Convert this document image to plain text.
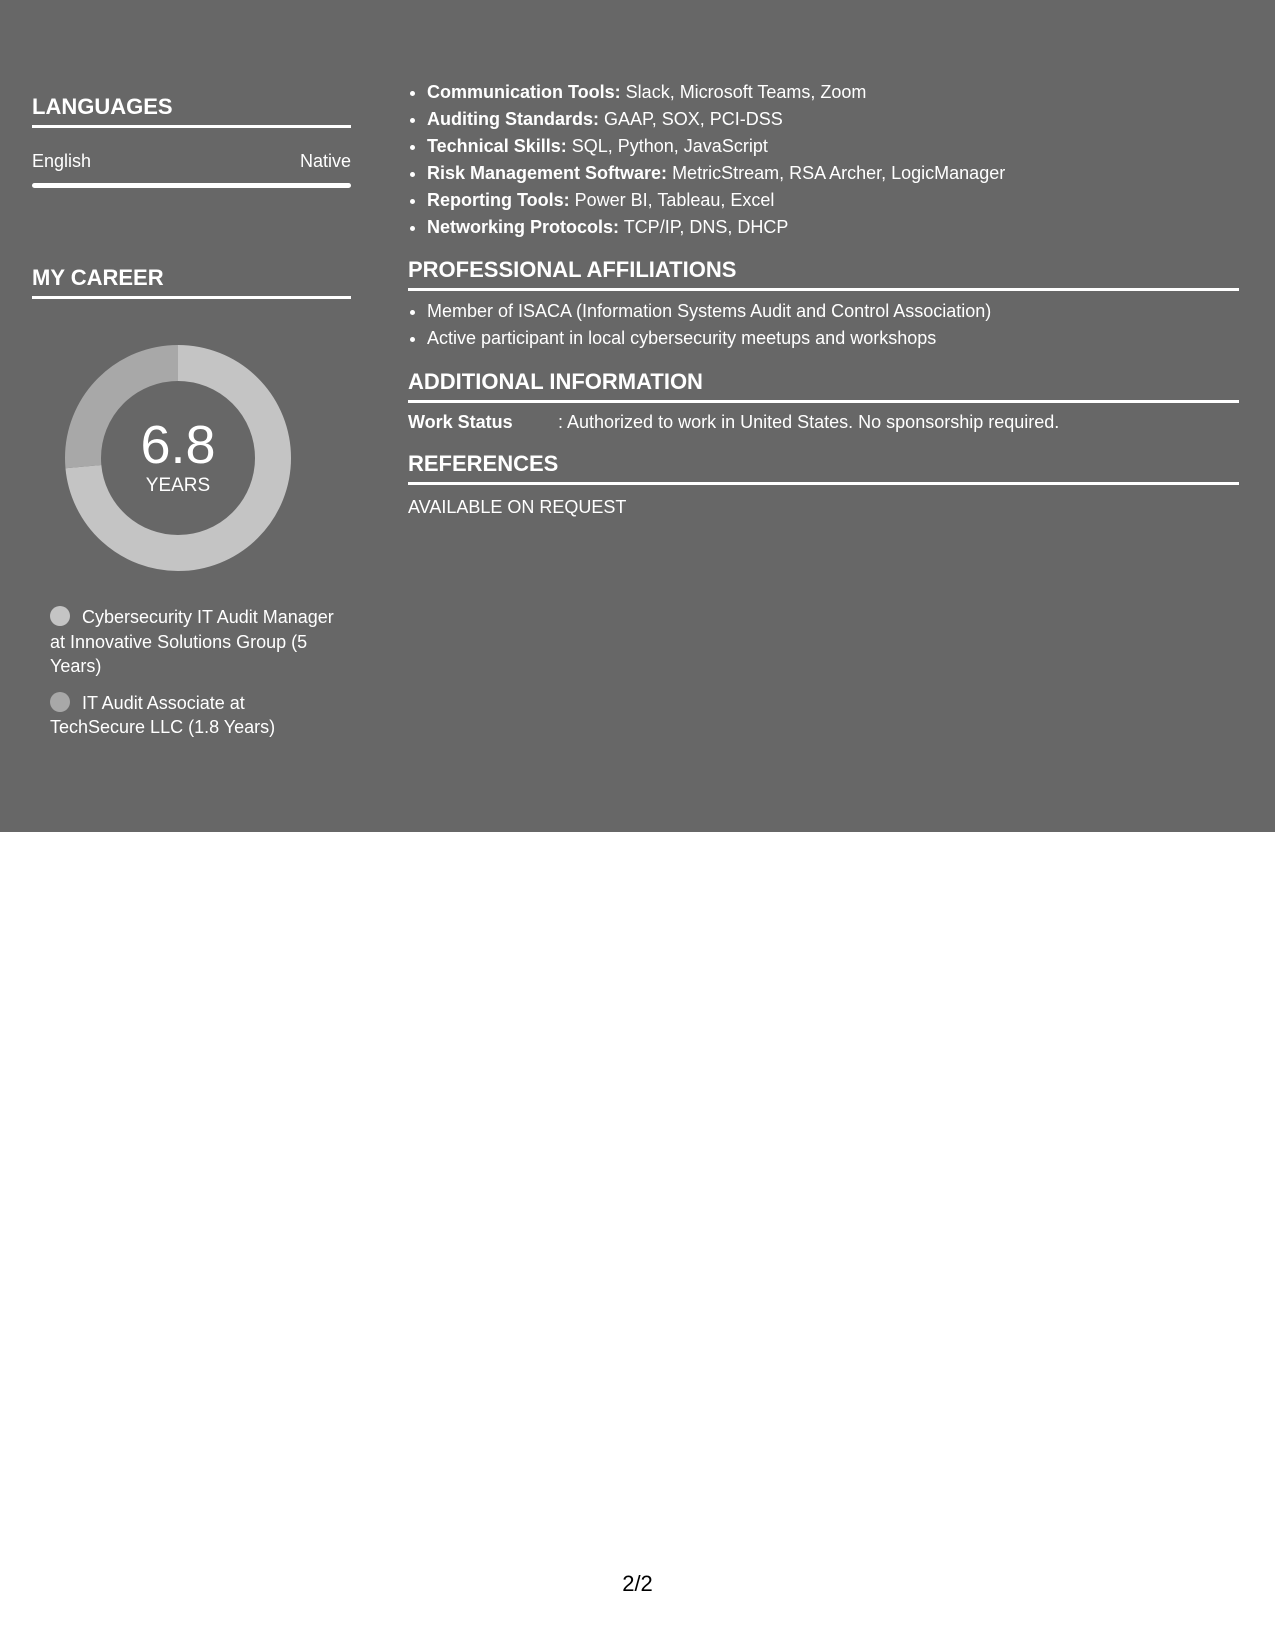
LANGUAGES
English	Native
MY CAREER
6.8
YEARS
Cybersecurity IT Audit Manager at Innovative Solutions Group (5 Years)
IT Audit Associate at TechSecure LLC (1.8 Years)
• Communication Tools: Slack, Microsoft Teams, Zoom
• Auditing Standards: GAAP, SOX, PCI-DSS
• Technical Skills: SQL, Python, JavaScript
• Risk Management Software: MetricStream, RSA Archer, LogicManager
• Reporting Tools: Power BI, Tableau, Excel
• Networking Protocols: TCP/IP, DNS, DHCP
PROFESSIONAL AFFILIATIONS
• Member of ISACA (Information Systems Audit and Control Association)
• Active participant in local cybersecurity meetups and workshops
ADDITIONAL INFORMATION
Work Status	: Authorized to work in United States. No sponsorship required.
REFERENCES
AVAILABLE ON REQUEST
2/2
